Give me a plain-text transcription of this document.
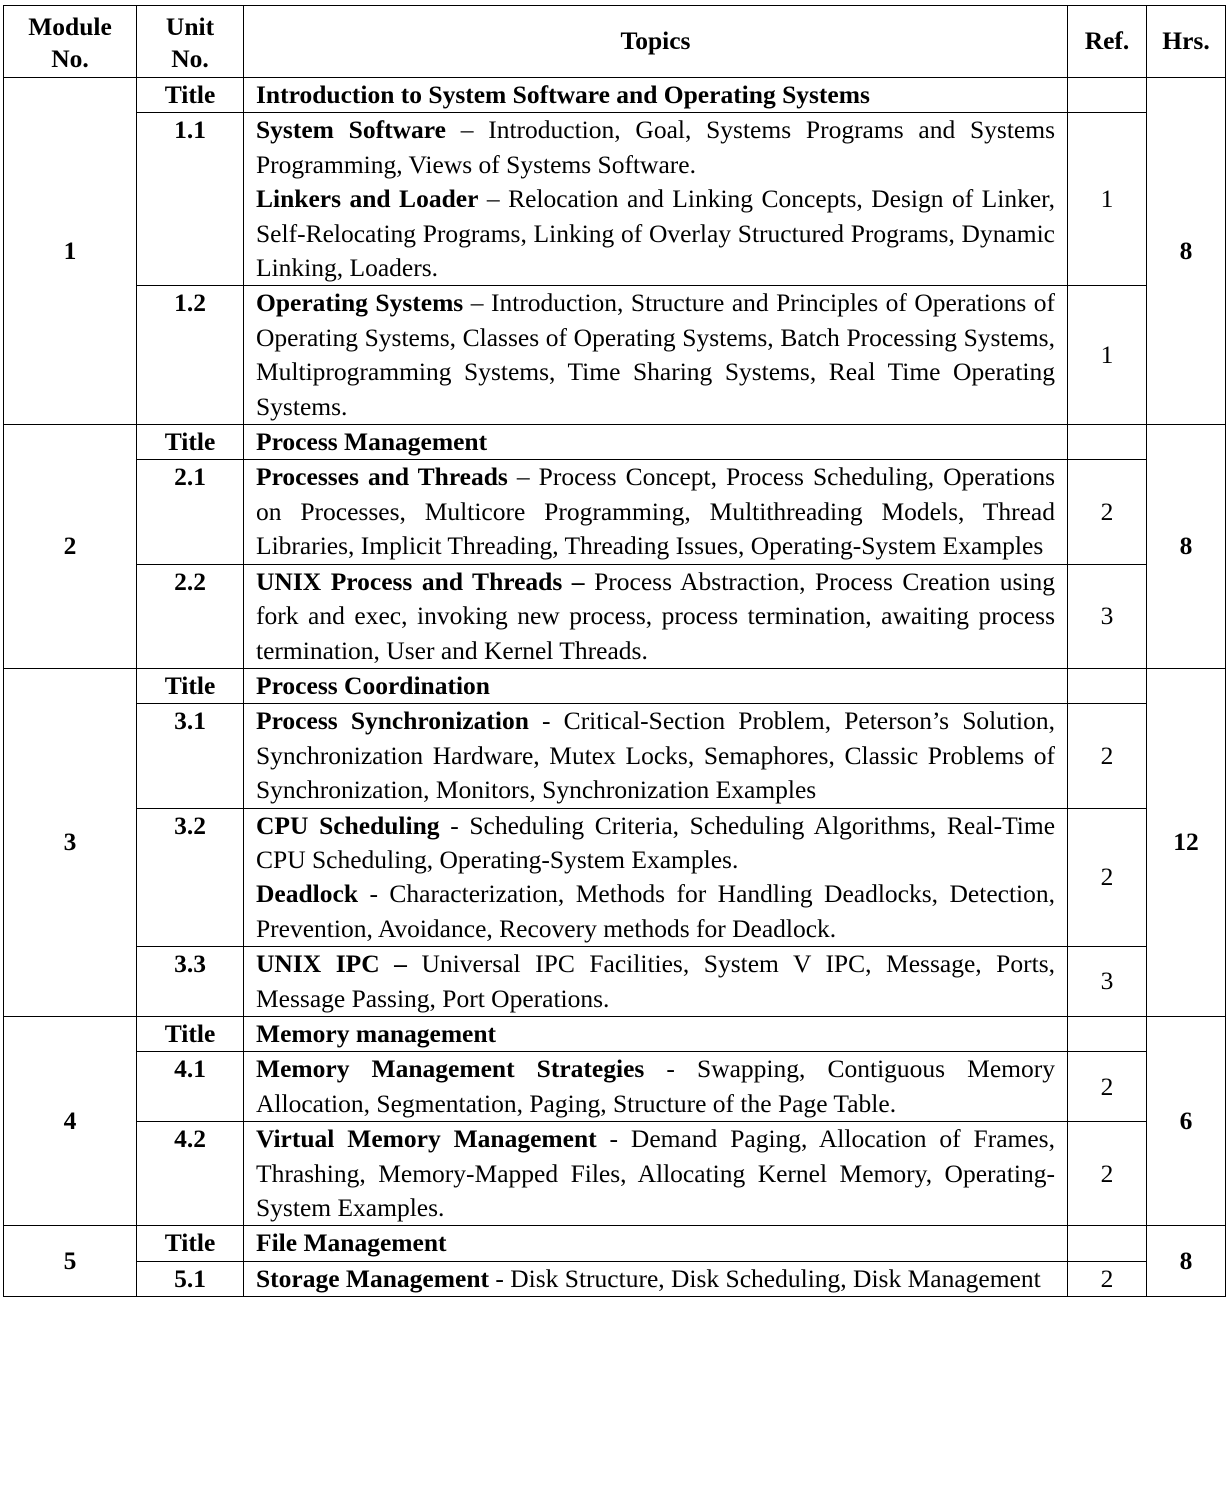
Module No.	Unit No.	Topics	Ref.	Hrs.
1	Title	Introduction to System Software and Operating Systems		8
	1.1	System Software – Introduction, Goal, Systems Programs and Systems Programming, Views of Systems Software.
Linkers and Loader – Relocation and Linking Concepts, Design of Linker, Self-Relocating Programs, Linking of Overlay Structured Programs, Dynamic Linking, Loaders.	1	
	1.2	Operating Systems – Introduction, Structure and Principles of Operations of Operating Systems, Classes of Operating Systems, Batch Processing Systems, Multiprogramming Systems, Time Sharing Systems, Real Time Operating Systems.	1	
2	Title	Process Management		8
	2.1	Processes and Threads – Process Concept, Process Scheduling, Operations on Processes, Multicore Programming, Multithreading Models, Thread Libraries, Implicit Threading, Threading Issues, Operating-System Examples	2	
	2.2	UNIX Process and Threads – Process Abstraction, Process Creation using fork and exec, invoking new process, process termination, awaiting process termination, User and Kernel Threads.	3	
3	Title	Process Coordination		12
	3.1	Process Synchronization - Critical-Section Problem, Peterson’s Solution, Synchronization Hardware, Mutex Locks, Semaphores, Classic Problems of Synchronization, Monitors, Synchronization Examples	2	
	3.2	CPU Scheduling - Scheduling Criteria, Scheduling Algorithms, Real-Time CPU Scheduling, Operating-System Examples.
Deadlock - Characterization, Methods for Handling Deadlocks, Detection, Prevention, Avoidance, Recovery methods for Deadlock.	2	
	3.3	UNIX IPC – Universal IPC Facilities, System V IPC, Message, Ports, Message Passing, Port Operations.	3	
4	Title	Memory management		6
	4.1	Memory Management Strategies - Swapping, Contiguous Memory Allocation, Segmentation, Paging, Structure of the Page Table.	2	
	4.2	Virtual Memory Management - Demand Paging, Allocation of Frames, Thrashing, Memory-Mapped Files, Allocating Kernel Memory, Operating-System Examples.	2	
5	Title	File Management		8
	5.1	Storage Management - Disk Structure, Disk Scheduling, Disk Management	2	
